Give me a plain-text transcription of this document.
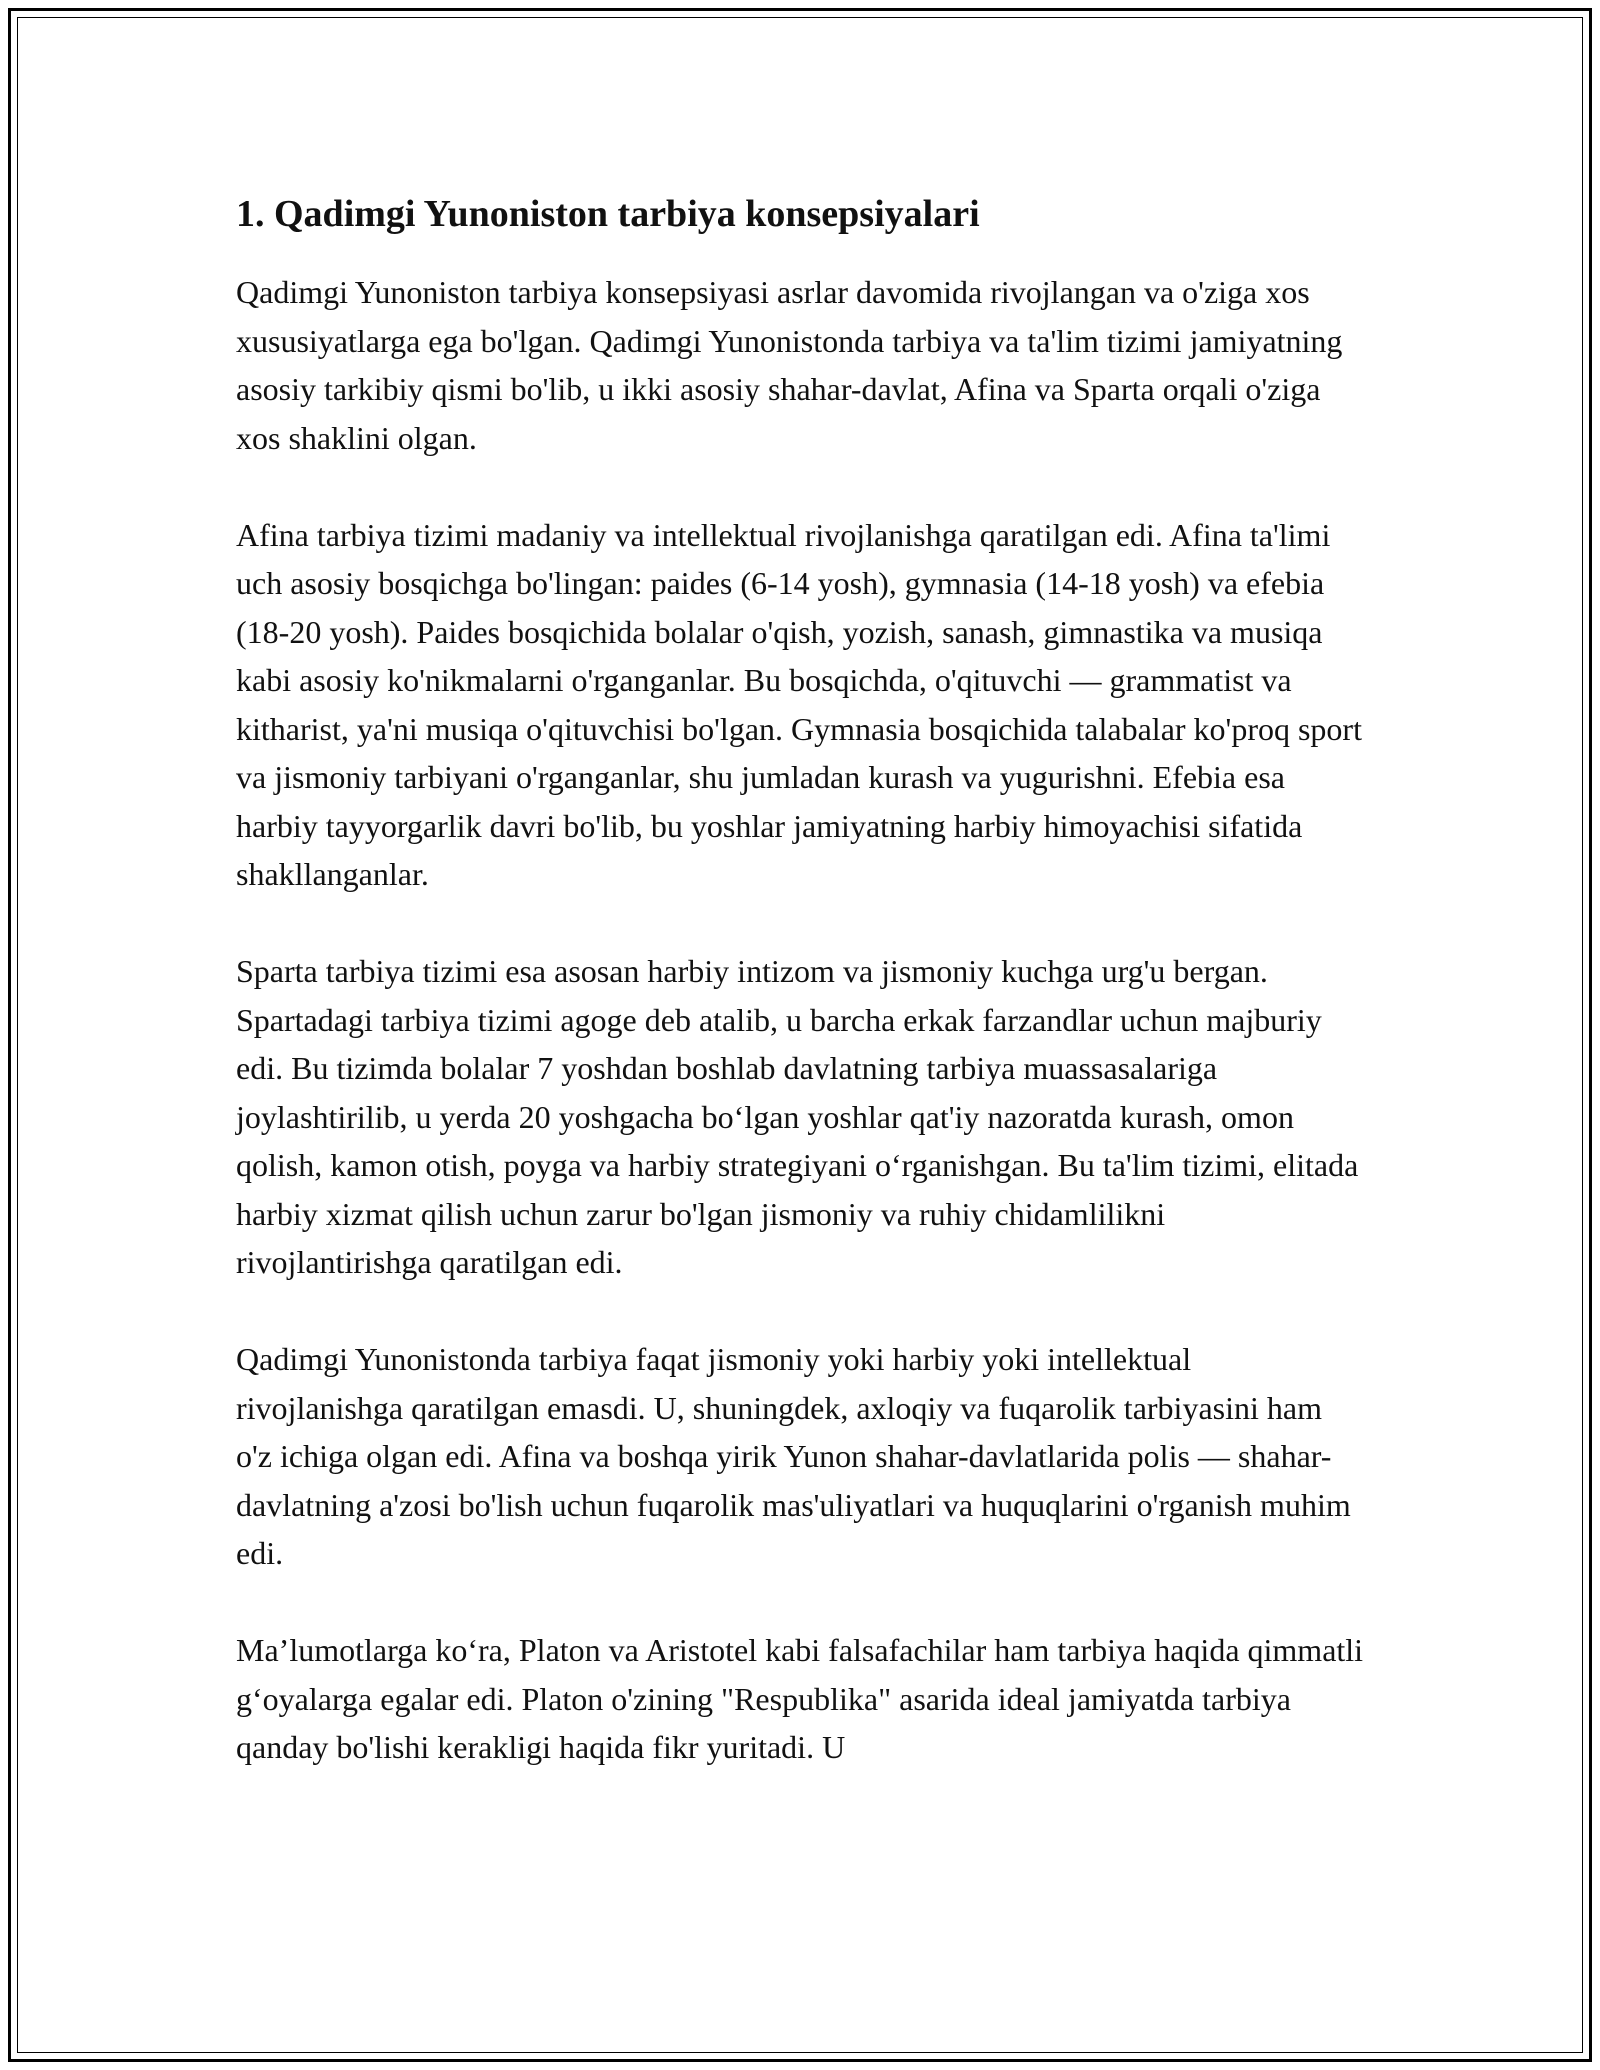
1. Qadimgi Yunoniston tarbiya konsepsiyalari

Qadimgi Yunoniston tarbiya konsepsiyasi asrlar davomida rivojlangan va o'ziga xos xususiyatlarga ega bo'lgan. Qadimgi Yunonistonda tarbiya va ta'lim tizimi jamiyatning asosiy tarkibiy qismi bo'lib, u ikki asosiy shahar-davlat, Afina va Sparta orqali o'ziga xos shaklini olgan.

Afina tarbiya tizimi madaniy va intellektual rivojlanishga qaratilgan edi. Afina ta'limi uch asosiy bosqichga bo'lingan: paides (6-14 yosh), gymnasia (14-18 yosh) va efebia (18-20 yosh). Paides bosqichida bolalar o'qish, yozish, sanash, gimnastika va musiqa kabi asosiy ko'nikmalarni o'rganganlar. Bu bosqichda, o'qituvchi — grammatist va kitharist, ya'ni musiqa o'qituvchisi bo'lgan. Gymnasia bosqichida talabalar ko'proq sport va jismoniy tarbiyani o'rganganlar, shu jumladan kurash va yugurishni. Efebia esa harbiy tayyorgarlik davri bo'lib, bu yoshlar jamiyatning harbiy himoyachisi sifatida shakllanganlar.

Sparta tarbiya tizimi esa asosan harbiy intizom va jismoniy kuchga urg'u bergan. Spartadagi tarbiya tizimi agoge deb atalib, u barcha erkak farzandlar uchun majburiy edi. Bu tizimda bolalar 7 yoshdan boshlab davlatning tarbiya muassasalariga joylashtirilib, u yerda 20 yoshgacha bo‘lgan yoshlar qat'iy nazoratda kurash, omon qolish, kamon otish, poyga va harbiy strategiyani o‘rganishgan. Bu ta'lim tizimi, elitada harbiy xizmat qilish uchun zarur bo'lgan jismoniy va ruhiy chidamlilikni rivojlantirishga qaratilgan edi.

Qadimgi Yunonistonda tarbiya faqat jismoniy yoki harbiy yoki intellektual rivojlanishga qaratilgan emasdi. U, shuningdek, axloqiy va fuqarolik tarbiyasini ham o'z ichiga olgan edi. Afina va boshqa yirik Yunon shahar-davlatlarida polis — shahar-davlatning a'zosi bo'lish uchun fuqarolik mas'uliyatlari va huquqlarini o'rganish muhim edi.

Ma’lumotlarga ko‘ra, Platon va Aristotel kabi falsafachilar ham tarbiya haqida qimmatli g‘oyalarga egalar edi. Platon o'zining "Respublika" asarida ideal jamiyatda tarbiya qanday bo'lishi kerakligi haqida fikr yuritadi. U
